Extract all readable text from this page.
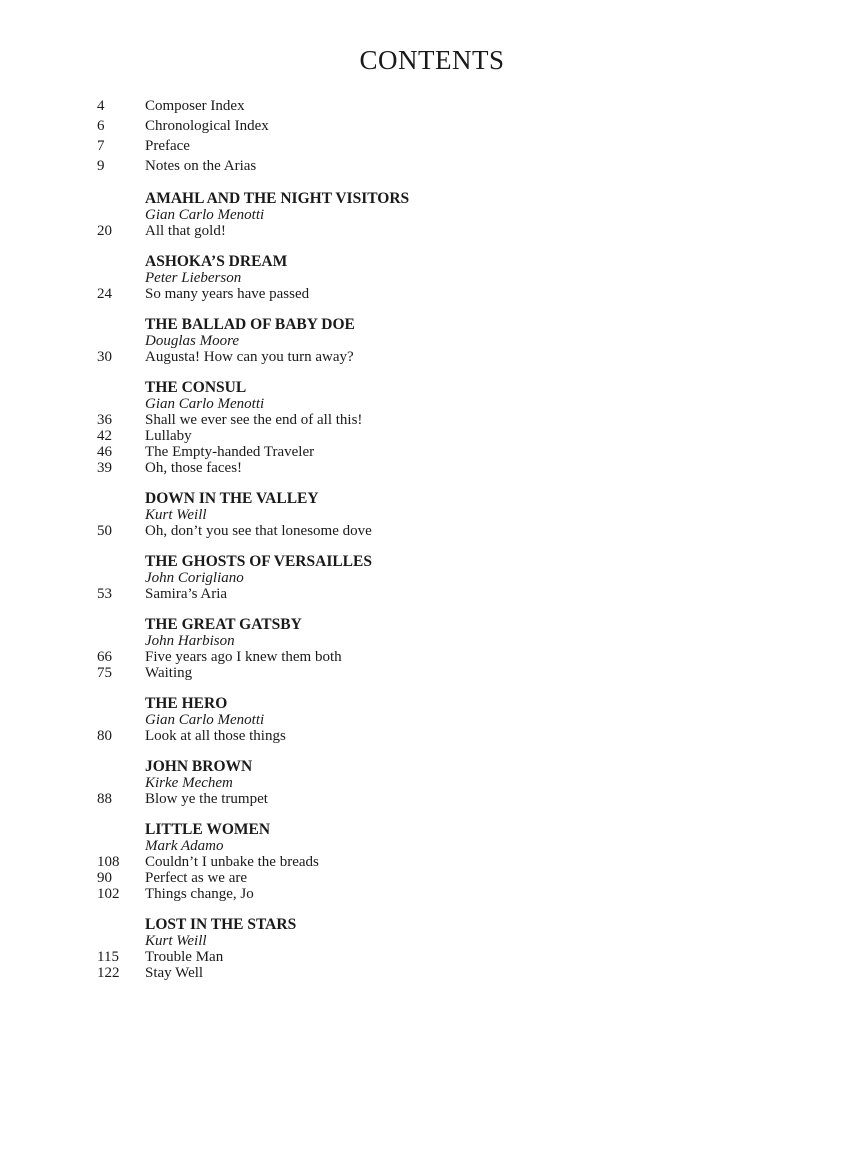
CONTENTS
4	Composer Index
6	Chronological Index
7	Preface
9	Notes on the Arias
AMAHL AND THE NIGHT VISITORS
Gian Carlo Menotti
20	All that gold!
ASHOKA’S DREAM
Peter Lieberson
24	So many years have passed
THE BALLAD OF BABY DOE
Douglas Moore
30	Augusta! How can you turn away?
THE CONSUL
Gian Carlo Menotti
36	Shall we ever see the end of all this!
42	Lullaby
46	The Empty-handed Traveler
39	Oh, those faces!
DOWN IN THE VALLEY
Kurt Weill
50	Oh, don’t you see that lonesome dove
THE GHOSTS OF VERSAILLES
John Corigliano
53	Samira’s Aria
THE GREAT GATSBY
John Harbison
66	Five years ago I knew them both
75	Waiting
THE HERO
Gian Carlo Menotti
80	Look at all those things
JOHN BROWN
Kirke Mechem
88	Blow ye the trumpet
LITTLE WOMEN
Mark Adamo
108	Couldn’t I unbake the breads
90	Perfect as we are
102	Things change, Jo
LOST IN THE STARS
Kurt Weill
115	Trouble Man
122	Stay Well
